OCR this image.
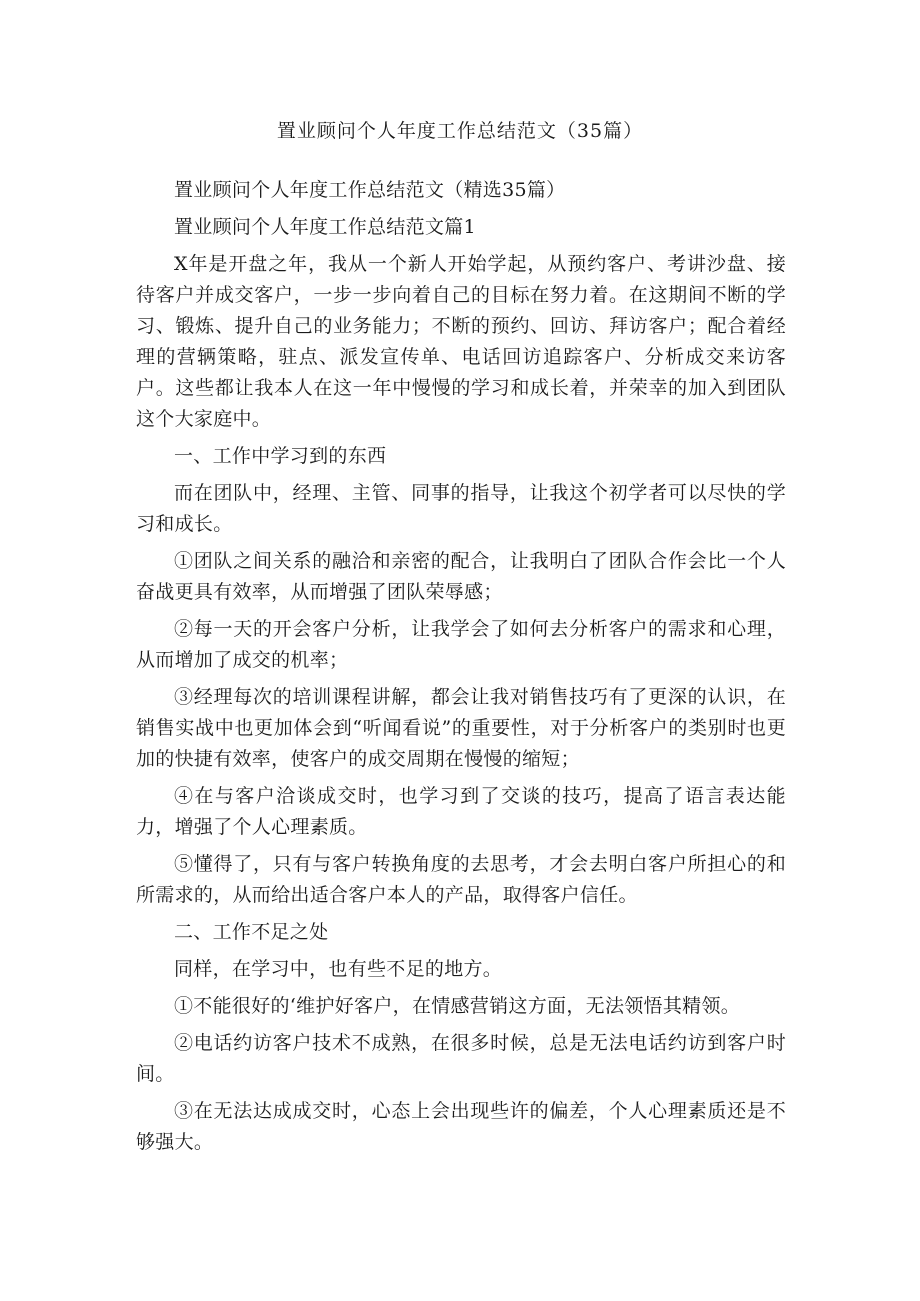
置业顾问个人年度工作总结范文（35篇）

置业顾问个人年度工作总结范文（精选35篇）

置业顾问个人年度工作总结范文篇1

X年是开盘之年，我从一个新人开始学起，从预约客户、考讲沙盘、接待客户并成交客户，一步一步向着自己的目标在努力着。在这期间不断的学习、锻炼、提升自己的业务能力；不断的预约、回访、拜访客户；配合着经理的营辆策略，驻点、派发宣传单、电话回访追踪客户、分析成交来访客户。这些都让我本人在这一年中慢慢的学习和成长着，并荣幸的加入到团队这个大家庭中。

一、工作中学习到的东西

而在团队中，经理、主管、同事的指导，让我这个初学者可以尽快的学习和成长。

①团队之间关系的融洽和亲密的配合，让我明白了团队合作会比一个人奋战更具有效率，从而增强了团队荣辱感；

②每一天的开会客户分析，让我学会了如何去分析客户的需求和心理，从而增加了成交的机率；

③经理每次的培训课程讲解，都会让我对销售技巧有了更深的认识，在销售实战中也更加体会到“听闻看说”的重要性，对于分析客户的类别时也更加的快捷有效率，使客户的成交周期在慢慢的缩短；

④在与客户洽谈成交时，也学习到了交谈的技巧，提高了语言表达能力，增强了个人心理素质。

⑤懂得了，只有与客户转换角度的去思考，才会去明白客户所担心的和所需求的，从而给出适合客户本人的产品，取得客户信任。

二、工作不足之处

同样，在学习中，也有些不足的地方。

①不能很好的‘维护好客户，在情感营销这方面，无法领悟其精领。

②电话约访客户技术不成熟，在很多时候，总是无法电话约访到客户时间。

③在无法达成成交时，心态上会出现些许的偏差，个人心理素质还是不够强大。
